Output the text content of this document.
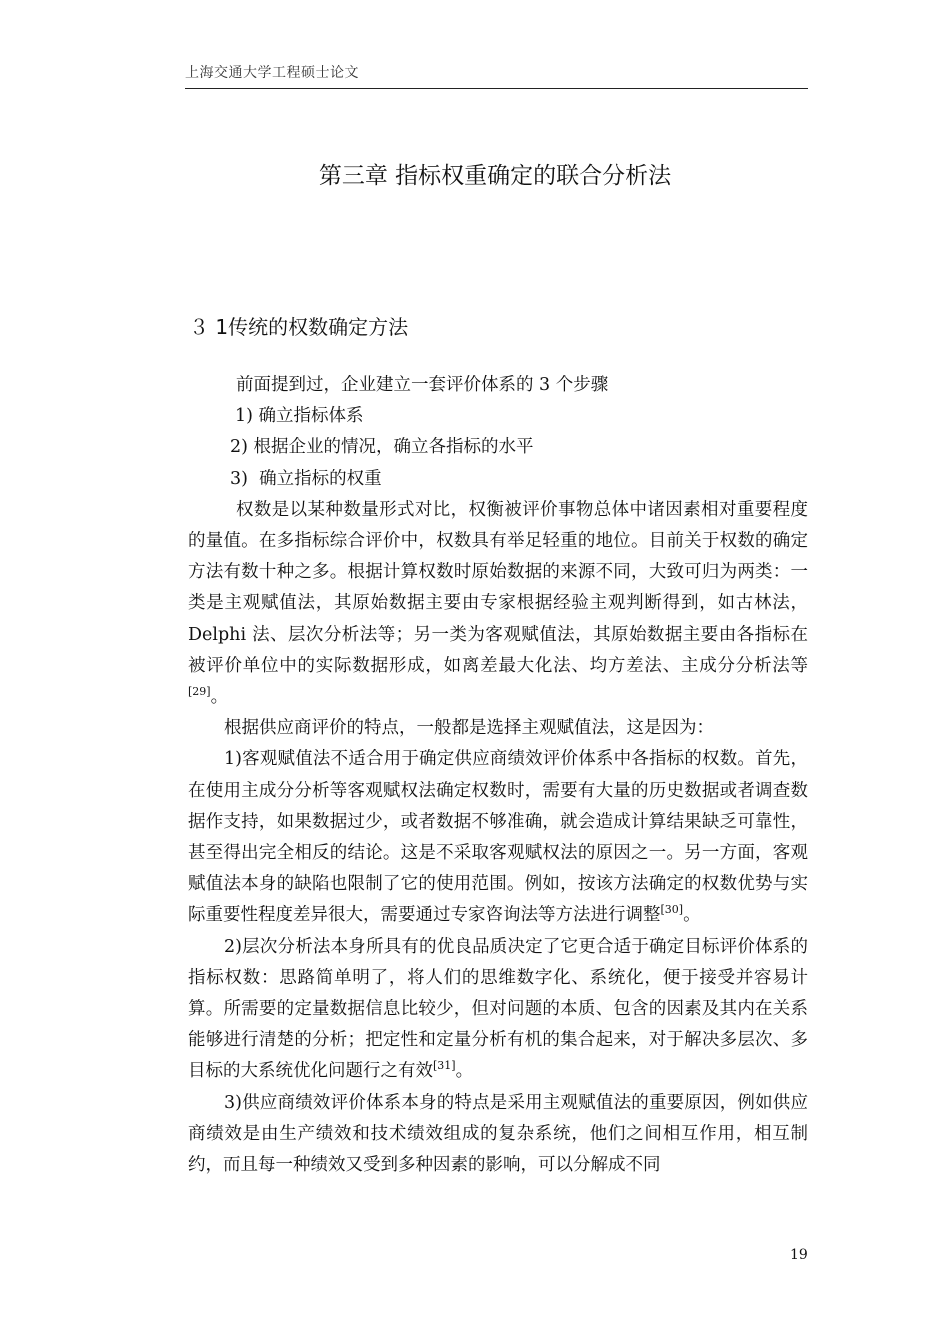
上海交通大学工程硕士论文
第三章 指标权重确定的联合分析法
３ 1传统的权数确定方法

前面提到过，企业建立一套评价体系的 3 个步骤

1) 确立指标体系

2) 根据企业的情况，确立各指标的水平

3)  确立指标的权重

权数是以某种数量形式对比，权衡被评价事物总体中诸因素相对重要程度的量值。在多指标综合评价中，权数具有举足轻重的地位。目前关于权数的确定方法有数十种之多。根据计算权数时原始数据的来源不同，大致可归为两类：一类是主观赋值法，其原始数据主要由专家根据经验主观判断得到，如古林法，Delphi 法、层次分析法等；另一类为客观赋值法，其原始数据主要由各指标在被评价单位中的实际数据形成，如离差最大化法、均方差法、主成分分析法等[29]。

根据供应商评价的特点，一般都是选择主观赋值法，这是因为：

1)客观赋值法不适合用于确定供应商绩效评价体系中各指标的权数。首先，在使用主成分分析等客观赋权法确定权数时，需要有大量的历史数据或者调查数据作支持，如果数据过少，或者数据不够准确，就会造成计算结果缺乏可靠性，甚至得出完全相反的结论。这是不采取客观赋权法的原因之一。另一方面，客观赋值法本身的缺陷也限制了它的使用范围。例如，按该方法确定的权数优势与实际重要性程度差异很大，需要通过专家咨询法等方法进行调整[30]。

2)层次分析法本身所具有的优良品质决定了它更合适于确定目标评价体系的指标权数：思路简单明了，将人们的思维数字化、系统化，便于接受并容易计算。所需要的定量数据信息比较少，但对问题的本质、包含的因素及其内在关系能够进行清楚的分析；把定性和定量分析有机的集合起来，对于解决多层次、多目标的大系统优化问题行之有效[31]。

3)供应商绩效评价体系本身的特点是采用主观赋值法的重要原因，例如供应商绩效是由生产绩效和技术绩效组成的复杂系统，他们之间相互作用，相互制约，而且每一种绩效又受到多种因素的影响，可以分解成不同

19
